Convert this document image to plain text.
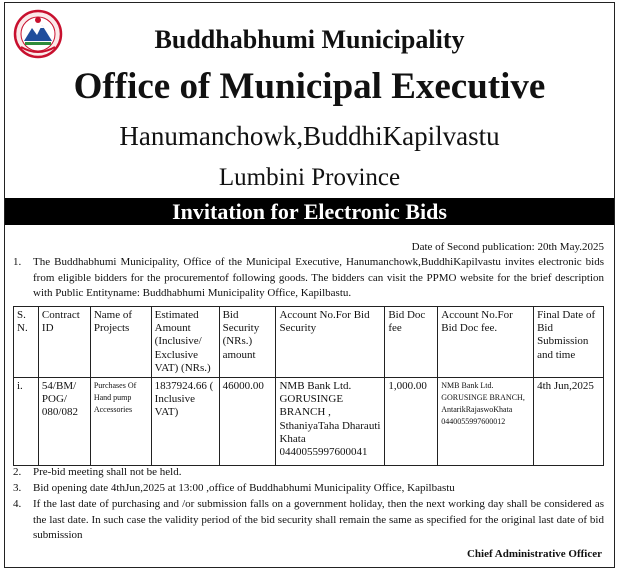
Buddhabhumi Municipality
Office of Municipal Executive
Hanumanchowk,BuddhiKapilvastu
Lumbini Province
Invitation for Electronic Bids
Date of Second publication: 20th May.2025
1.	The Buddhabhumi Municipality, Office of the Municipal Executive, Hanumanchowk,BuddhiKapilvastu invites electronic bids from eligible bidders for the procurementof following goods. The bidders can visit the PPMO website for the brief description with Public Entityname: Buddhabhumi Municipality Office, Kapilbastu.
S. N.	Contract ID	Name of Projects	Estimated Amount (Inclusive/ Exclusive VAT) (NRs.)	Bid Security (NRs.) amount	Account No.For Bid Security	Bid Doc fee	Account No.For Bid Doc fee.	Final Date of Bid Submission and time
i.	54/BM/ POG/ 080/082	Purchases Of Hand pump Accessories	1837924.66 ( Inclusive VAT)	46000.00	NMB Bank Ltd. GORUSINGE BRANCH , SthaniyaTaha Dharauti Khata 0440055997600041	1,000.00	NMB Bank Ltd. GORUSINGE BRANCH, AntarikRajaswoKhata 0440055997600012	4th Jun,2025
2.	Pre-bid meeting shall not be held.
3.	Bid opening date 4thJun,2025 at 13:00 ,office of Buddhabhumi Municipality Office, Kapilbastu
4.	If the last date of purchasing and /or submission falls on a government holiday, then the next working day shall be considered as the last date. In such case the validity period of the bid security shall remain the same as specified for the original last date of bid submission
Chief Administrative Officer
